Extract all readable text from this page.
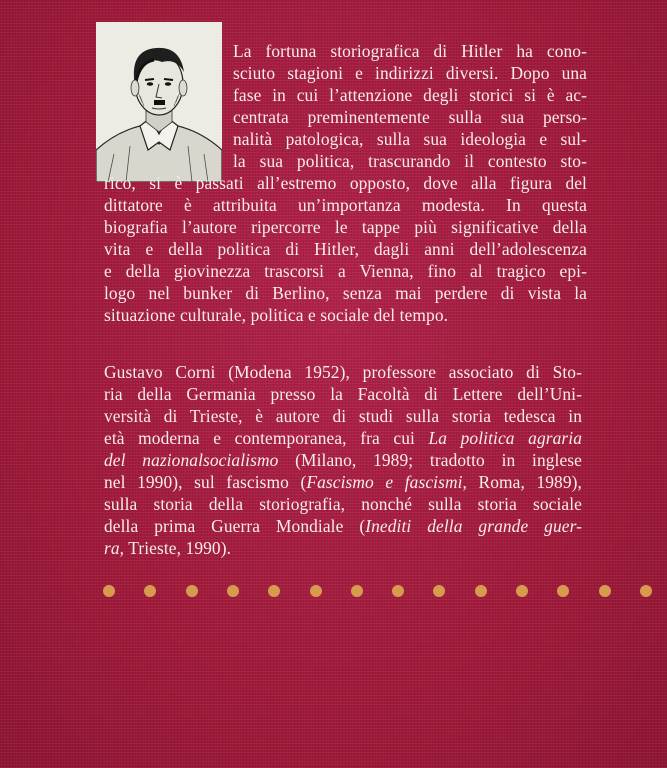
La fortuna storiografica di Hitler ha cono-
sciuto stagioni e indirizzi diversi. Dopo una
fase in cui l’attenzione degli storici si è ac-
centrata preminentemente sulla sua perso-
nalità patologica, sulla sua ideologia e sul-
la sua politica, trascurando il contesto sto-
rico, si è passati all’estremo opposto, dove alla figura del
dittatore è attribuita un’importanza modesta. In questa
biografia l’autore ripercorre le tappe più significative della
vita e della politica di Hitler, dagli anni dell’adolescenza
e della giovinezza trascorsi a Vienna, fino al tragico epi-
logo nel bunker di Berlino, senza mai perdere di vista la
situazione culturale, politica e sociale del tempo.
Gustavo Corni (Modena 1952), professore associato di Sto-
ria della Germania presso la Facoltà di Lettere dell’Uni-
versità di Trieste, è autore di studi sulla storia tedesca in
età moderna e contemporanea, fra cui La politica agraria
del nazionalsocialismo (Milano, 1989; tradotto in inglese
nel 1990), sul fascismo (Fascismo e fascismi, Roma, 1989),
sulla storia della storiografia, nonché sulla storia sociale
della prima Guerra Mondiale (Inediti della grande guer-
ra, Trieste, 1990).
